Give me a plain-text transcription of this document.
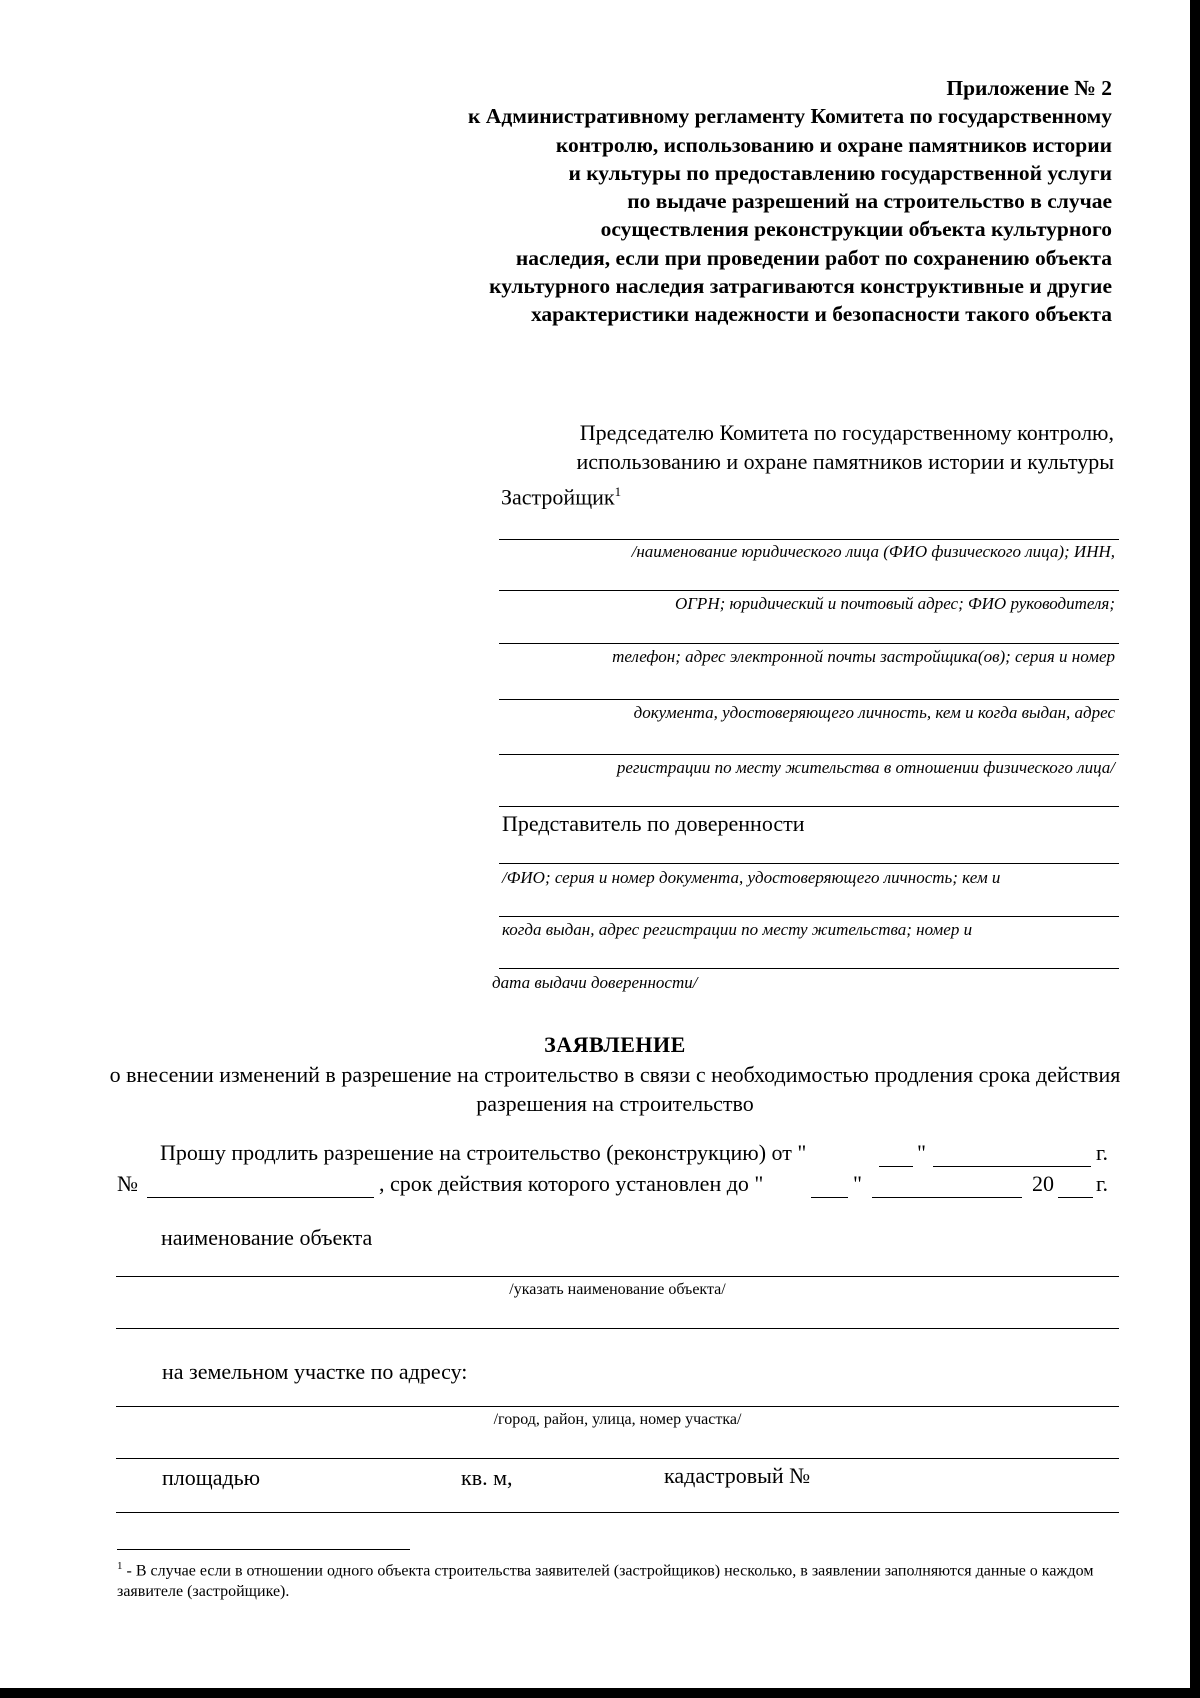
Приложение № 2
к Административному регламенту Комитета по государственному
контролю, использованию и охране памятников истории
и культуры по предоставлению государственной услуги
по выдаче разрешений на строительство в случае
осуществления реконструкции объекта культурного
наследия, если при проведении работ по сохранению объекта
культурного наследия затрагиваются конструктивные и другие
характеристики надежности и безопасности такого объекта
Председателю Комитета по государственному контролю,
использованию и охране памятников истории и культуры
Застройщик$^1$
/наименование юридического лица (ФИО физического лица); ИНН,
ОГРН; юридический и почтовый адрес; ФИО руководителя;
телефон; адрес электронной почты застройщика(ов); серия и номер
документа, удостоверяющего личность, кем и когда выдан, адрес
регистрации по месту жительства в отношении физического лица/
Представитель по доверенности
/ФИО; серия и номер документа, удостоверяющего личность; кем и
когда выдан, адрес регистрации по месту жительства; номер и
дата выдачи доверенности/
ЗАЯВЛЕНИЕ
о внесении изменений в разрешение на строительство в связи с необходимостью продления срока действия разрешения на строительство
Прошу продлить разрешение на строительство (реконструкцию) от "	"	г.
№	, срок действия которого установлен до "	"	20 г.
наименование объекта
/указать наименование объекта/
на земельном участке по адресу:
/город, район, улица, номер участка/
площадью	кв. м,	кадастровый №
$^1$ - В случае если в отношении одного объекта строительства заявителей (застройщиков) несколько, в заявлении заполняются данные о каждом заявителе (застройщике).
